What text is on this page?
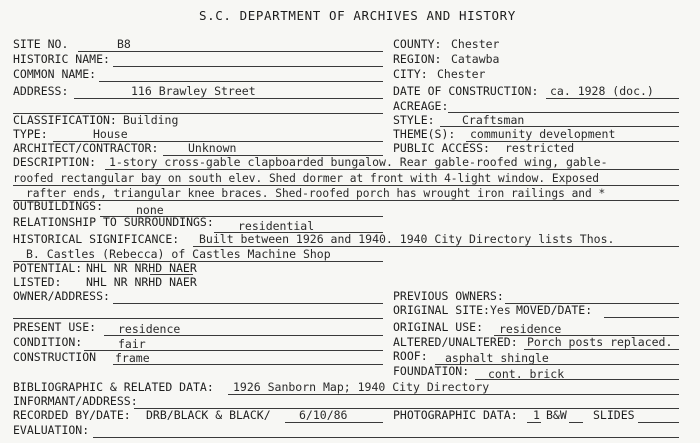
S.C. DEPARTMENT OF ARCHIVES AND HISTORY
SITE NO.	B8	COUNTY: Chester
HISTORIC NAME:	REGION: Catawba
COMMON NAME:	CITY: Chester
ADDRESS:	116 Brawley Street	DATE OF CONSTRUCTION: ca. 1928 (doc.)
ACREAGE:
CLASSIFICATION: Building	STYLE: Craftsman
TYPE:	House	THEME(S): community development
ARCHITECT/CONTRACTOR:	Unknown	PUBLIC ACCESS: restricted
DESCRIPTION: 1-story cross-gable clapboarded bungalow. Rear gable-roofed wing, gable-
roofed rectangular bay on south elev. Shed dormer at front with 4-light window. Exposed
rafter ends, triangular knee braces. Shed-roofed porch has wrought iron railings and *
OUTBUILDINGS:	none
RELATIONSHIP TO SURROUNDINGS: residential
HISTORICAL SIGNIFICANCE: Built between 1926 and 1940. 1940 City Directory lists Thos.
B. Castles (Rebecca) of Castles Machine Shop
POTENTIAL: NHL NR NRHD NAER
LISTED: NHL NR NRHD NAER
OWNER/ADDRESS:	PREVIOUS OWNERS:
ORIGINAL SITE: Yes MOVED/DATE:
PRESENT USE: residence	ORIGINAL USE: residence
CONDITION:	fair	ALTERED/UNALTERED: Porch posts replaced.
CONSTRUCTION frame	ROOF: asphalt shingle
FOUNDATION: cont. brick
BIBLIOGRAPHIC & RELATED DATA: 1926 Sanborn Map; 1940 City Directory
INFORMANT/ADDRESS:
RECORDED BY/DATE: DRB/BLACK & BLACK/ 6/10/86	PHOTOGRAPHIC DATA: 1 B&W SLIDES
EVALUATION:
